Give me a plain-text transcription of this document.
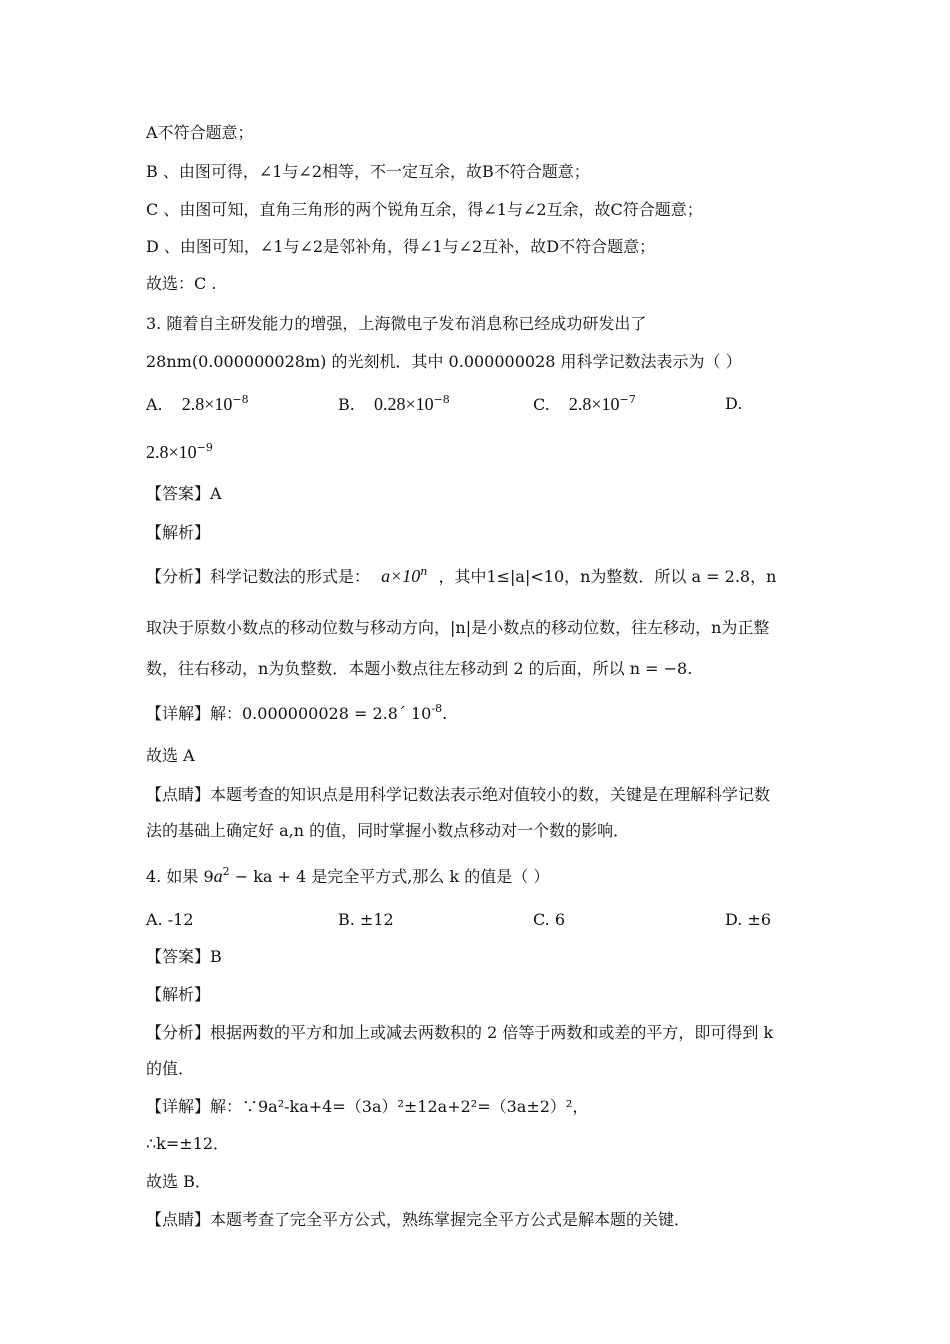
A不符合题意；
B 、由图可得，∠1与∠2相等，不一定互余，故B不符合题意；
C 、由图可知，直角三角形的两个锐角互余，得∠1与∠2互余，故C符合题意；
D 、由图可知，∠1与∠2是邻补角，得∠1与∠2互补，故D不符合题意；
故选：C .
3. 随着自主研发能力的增强，上海微电子发布消息称已经成功研发出了
28nm(0.000000028m) 的光刻机．其中 0.000000028 用科学记数法表示为（ ）
A. $2.8\times 10^{-8}$	B. $0.28\times 10^{-8}$	C. $2.8\times 10^{-7}$	D.
$2.8\times 10^{-9}$
【答案】A
【解析】
【分析】科学记数法的形式是： $a\times 10^n$ ，其中1≤|a|<10，n为整数．所以 a = 2.8，n
取决于原数小数点的移动位数与移动方向，|n|是小数点的移动位数，往左移动，n为正整
数，往右移动，n为负整数．本题小数点往左移动到 2 的后面，所以 n = −8.
【详解】解：0.000000028 = 2.8´ $10^{-8}$.
故选 A
【点睛】本题考查的知识点是用科学记数法表示绝对值较小的数，关键是在理解科学记数
法的基础上确定好 a,n 的值，同时掌握小数点移动对一个数的影响．
4. 如果 $9a^2$ − ka + 4 是完全平方式,那么 k 的值是（ ）
A. -12	B. ±12	C. 6	D. ±6
【答案】B
【解析】
【分析】根据两数的平方和加上或减去两数积的 2 倍等于两数和或差的平方，即可得到 k
的值．
【详解】解：∵9a²-ka+4=（3a）²±12a+2²=（3a±2）²，
∴k=±12．
故选 B．
【点睛】本题考查了完全平方公式，熟练掌握完全平方公式是解本题的关键．
